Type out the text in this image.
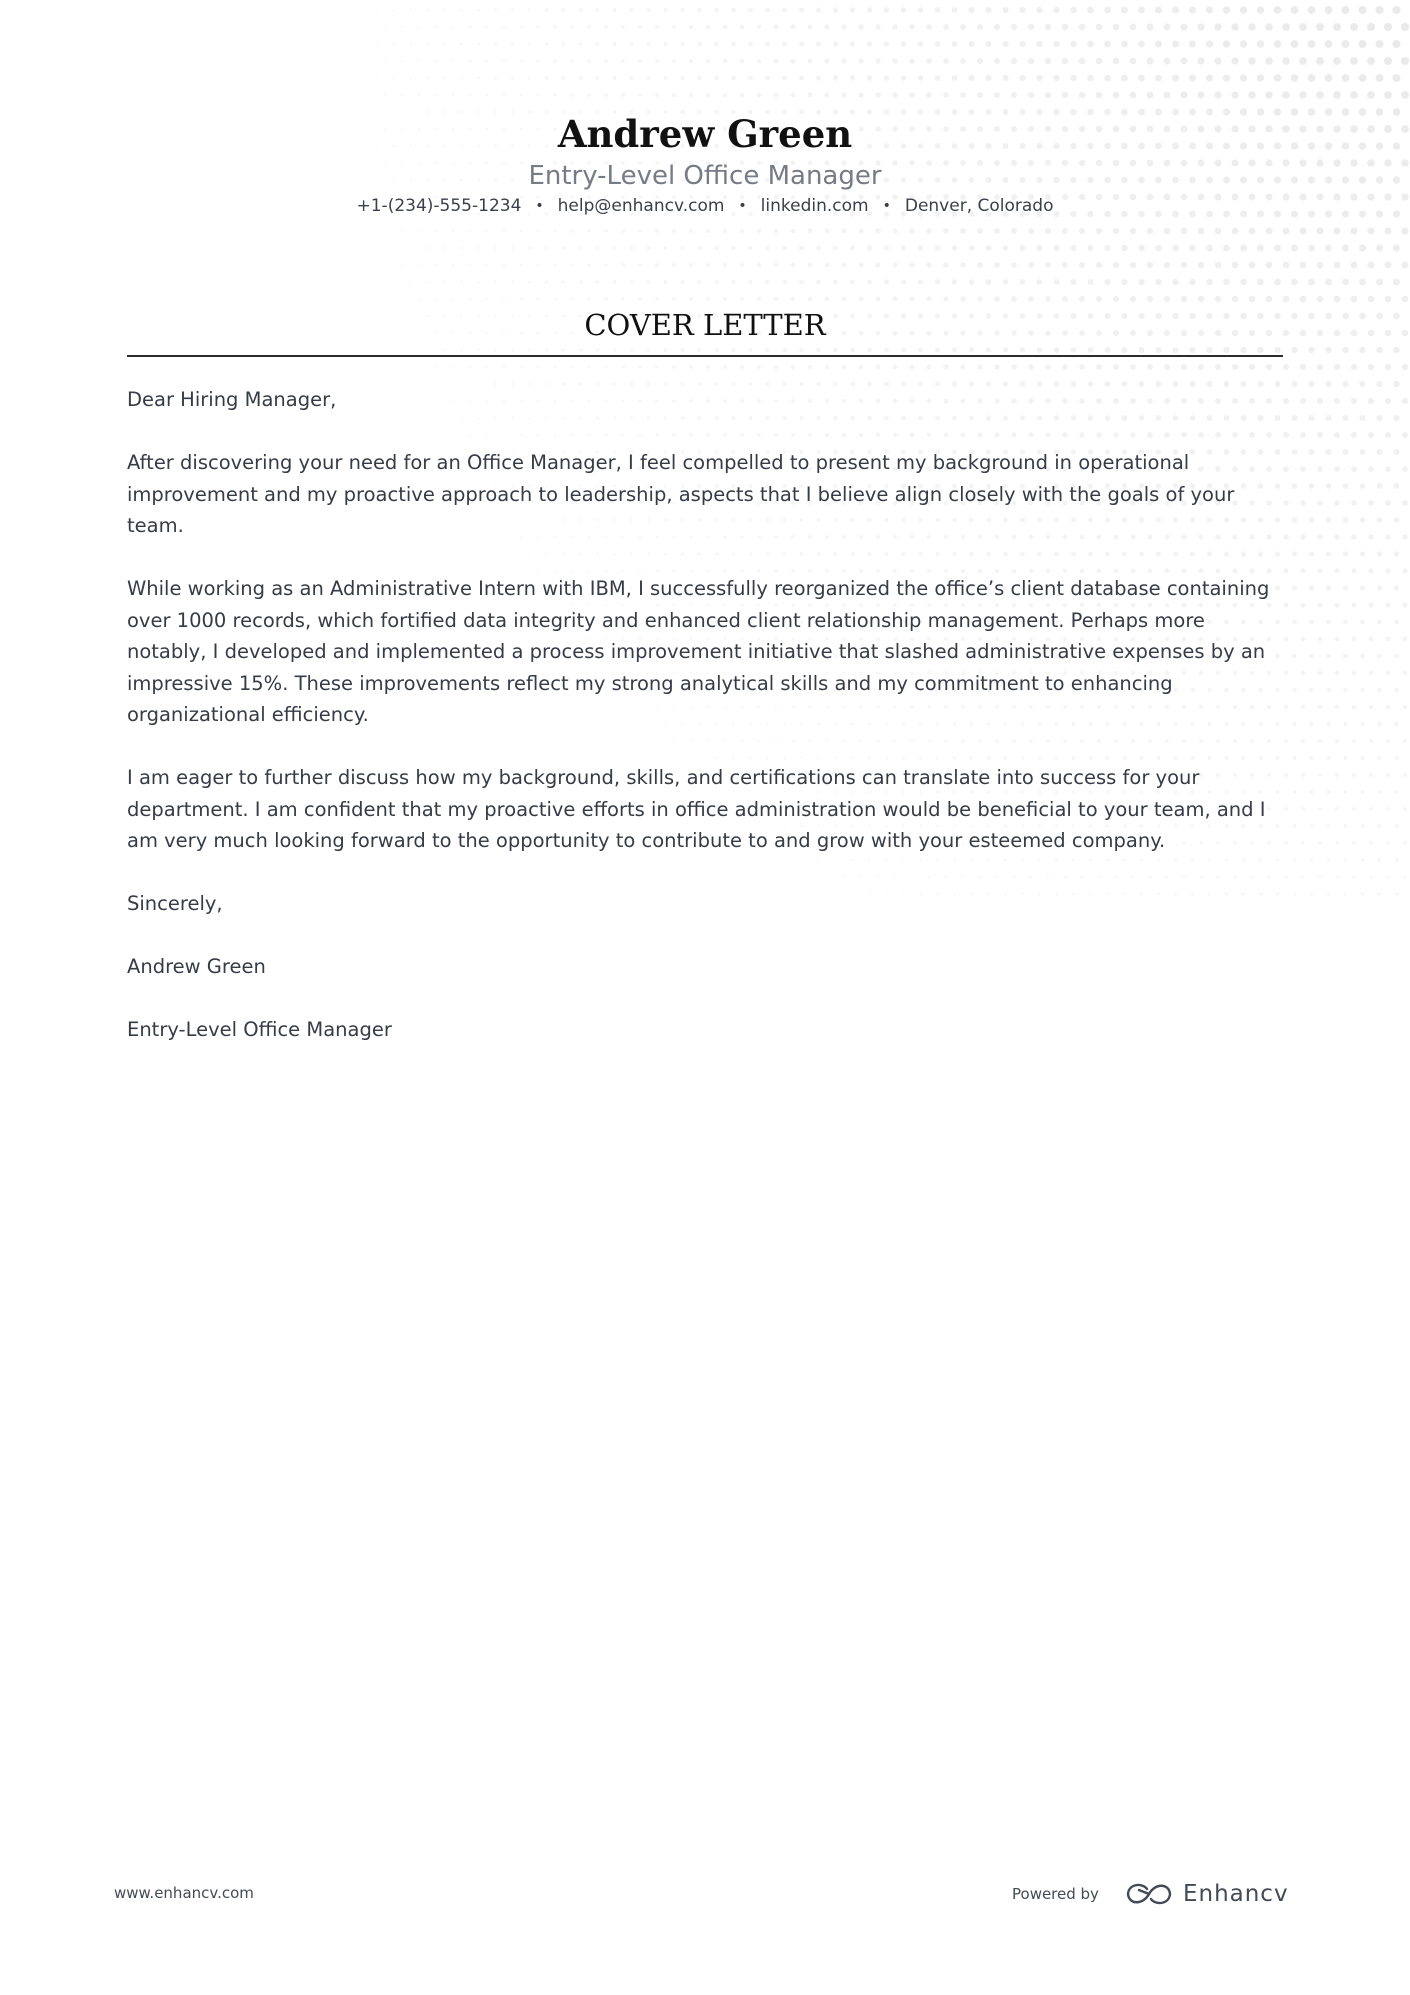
Andrew Green
Entry-Level Office Manager
+1-(234)-555-1234 • help@enhancv.com • linkedin.com • Denver, Colorado
COVER LETTER

Dear Hiring Manager,

After discovering your need for an Office Manager, I feel compelled to present my background in operational improvement and my proactive approach to leadership, aspects that I believe align closely with the goals of your team.

While working as an Administrative Intern with IBM, I successfully reorganized the office’s client database containing over 1000 records, which fortified data integrity and enhanced client relationship management. Perhaps more notably, I developed and implemented a process improvement initiative that slashed administrative expenses by an impressive 15%. These improvements reflect my strong analytical skills and my commitment to enhancing organizational efficiency.

I am eager to further discuss how my background, skills, and certifications can translate into success for your department. I am confident that my proactive efforts in office administration would be beneficial to your team, and I am very much looking forward to the opportunity to contribute to and grow with your esteemed company.

Sincerely,

Andrew Green

Entry-Level Office Manager

www.enhancv.com	Powered by	Enhancv
